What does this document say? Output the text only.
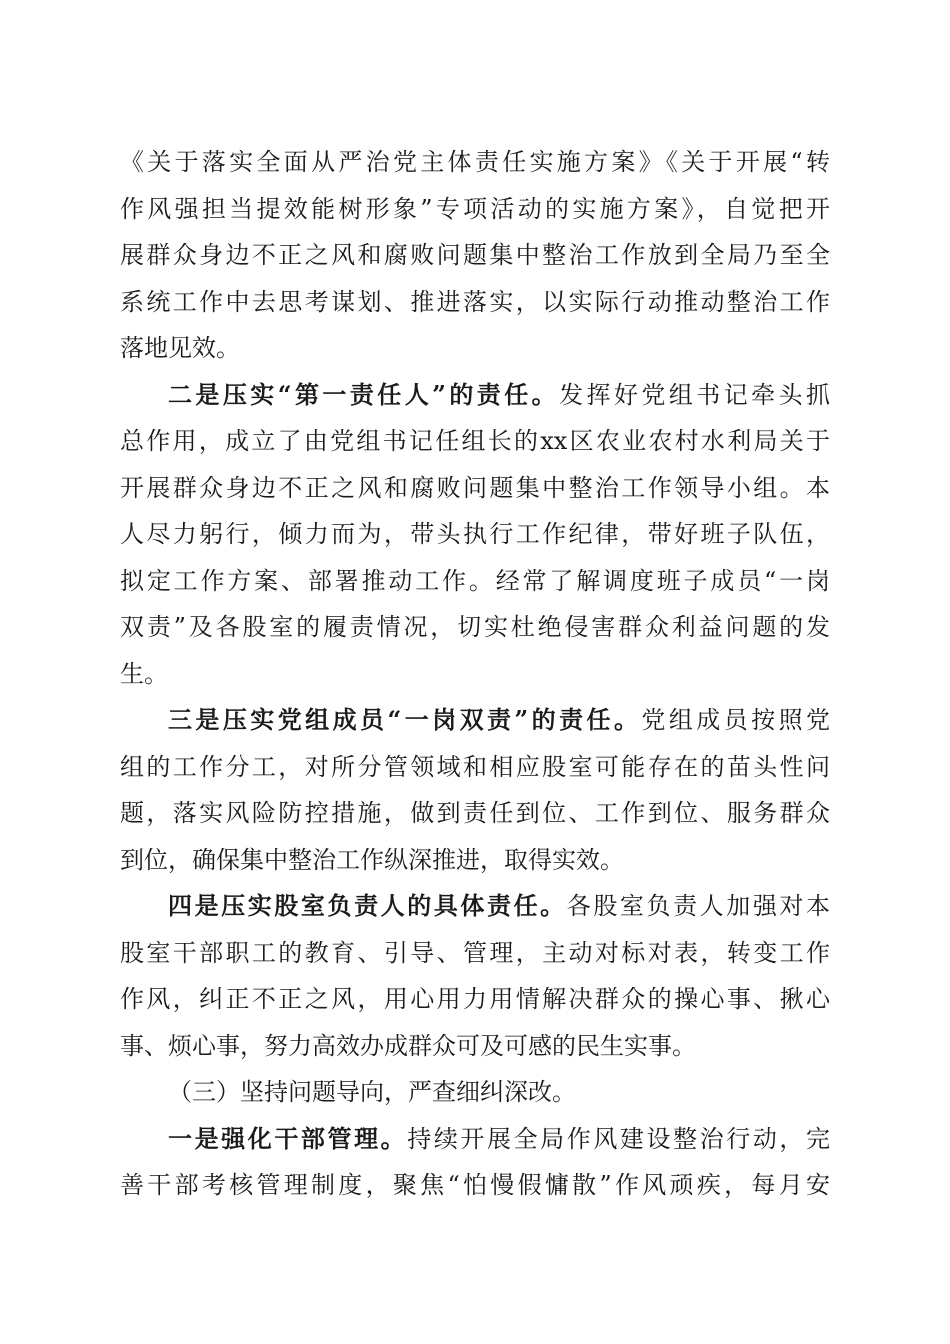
《关于落实全面从严治党主体责任实施方案》《关于开展“转
作风强担当提效能树形象”专项活动的实施方案》，自觉把开
展群众身边不正之风和腐败问题集中整治工作放到全局乃至全
系统工作中去思考谋划、推进落实，以实际行动推动整治工作
落地见效。
二是压实“第一责任人”的责任。发挥好党组书记牵头抓
总作用，成立了由党组书记任组长的xx区农业农村水利局关于
开展群众身边不正之风和腐败问题集中整治工作领导小组。本
人尽力躬行，倾力而为，带头执行工作纪律，带好班子队伍，
拟定工作方案、部署推动工作。经常了解调度班子成员“一岗
双责”及各股室的履责情况，切实杜绝侵害群众利益问题的发
生。
三是压实党组成员“一岗双责”的责任。党组成员按照党
组的工作分工，对所分管领域和相应股室可能存在的苗头性问
题，落实风险防控措施，做到责任到位、工作到位、服务群众
到位，确保集中整治工作纵深推进，取得实效。
四是压实股室负责人的具体责任。各股室负责人加强对本
股室干部职工的教育、引导、管理，主动对标对表，转变工作
作风，纠正不正之风，用心用力用情解决群众的操心事、揪心
事、烦心事，努力高效办成群众可及可感的民生实事。
（三）坚持问题导向，严查细纠深改。
一是强化干部管理。持续开展全局作风建设整治行动，完
善干部考核管理制度，聚焦“怕慢假慵散”作风顽疾，每月安
